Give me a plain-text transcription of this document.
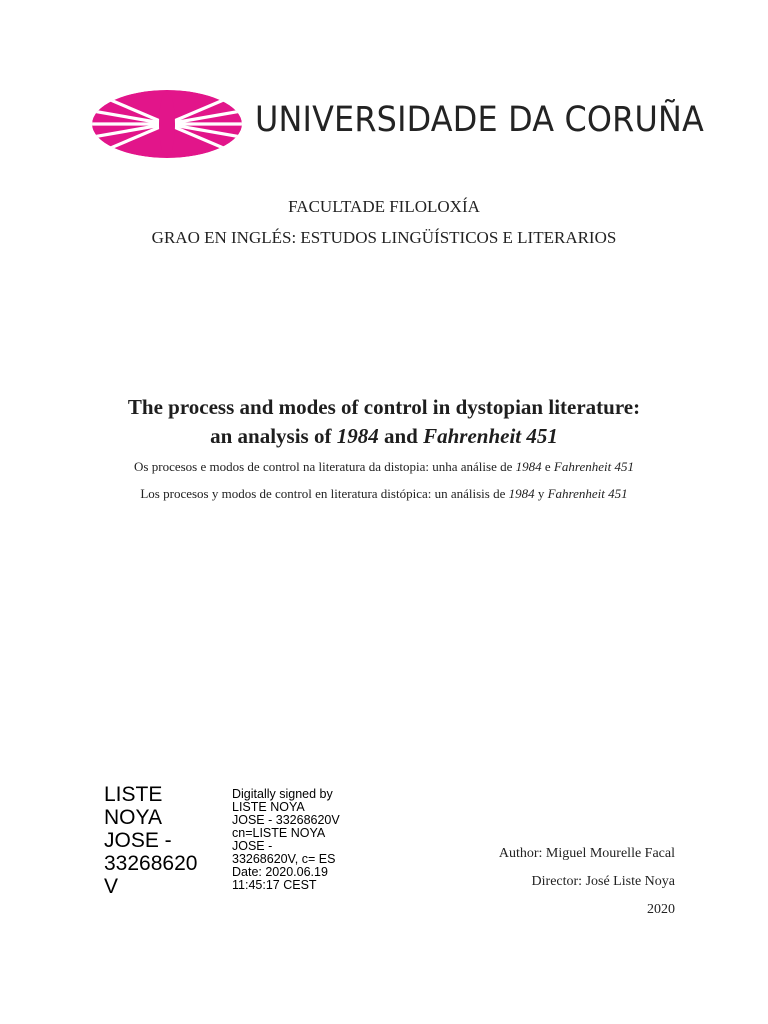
UNIVERSIDADE DA CORUÑA
FACULTADE FILOLOXÍA
GRAO EN INGLÉS: ESTUDOS LINGÜÍSTICOS E LITERARIOS
The process and modes of control in dystopian literature:
an analysis of 1984 and Fahrenheit 451
Os procesos e modos de control na literatura da distopia: unha análise de 1984 e Fahrenheit 451
Los procesos y modos de control en literatura distópica: un análisis de 1984 y Fahrenheit 451
LISTE
NOYA
JOSE -
33268620
V
Digitally signed by
LISTE NOYA
JOSE - 33268620V
cn=LISTE NOYA
JOSE -
33268620V, c= ES
Date: 2020.06.19
11:45:17 CEST
Author: Miguel Mourelle Facal
Director: José Liste Noya
2020
